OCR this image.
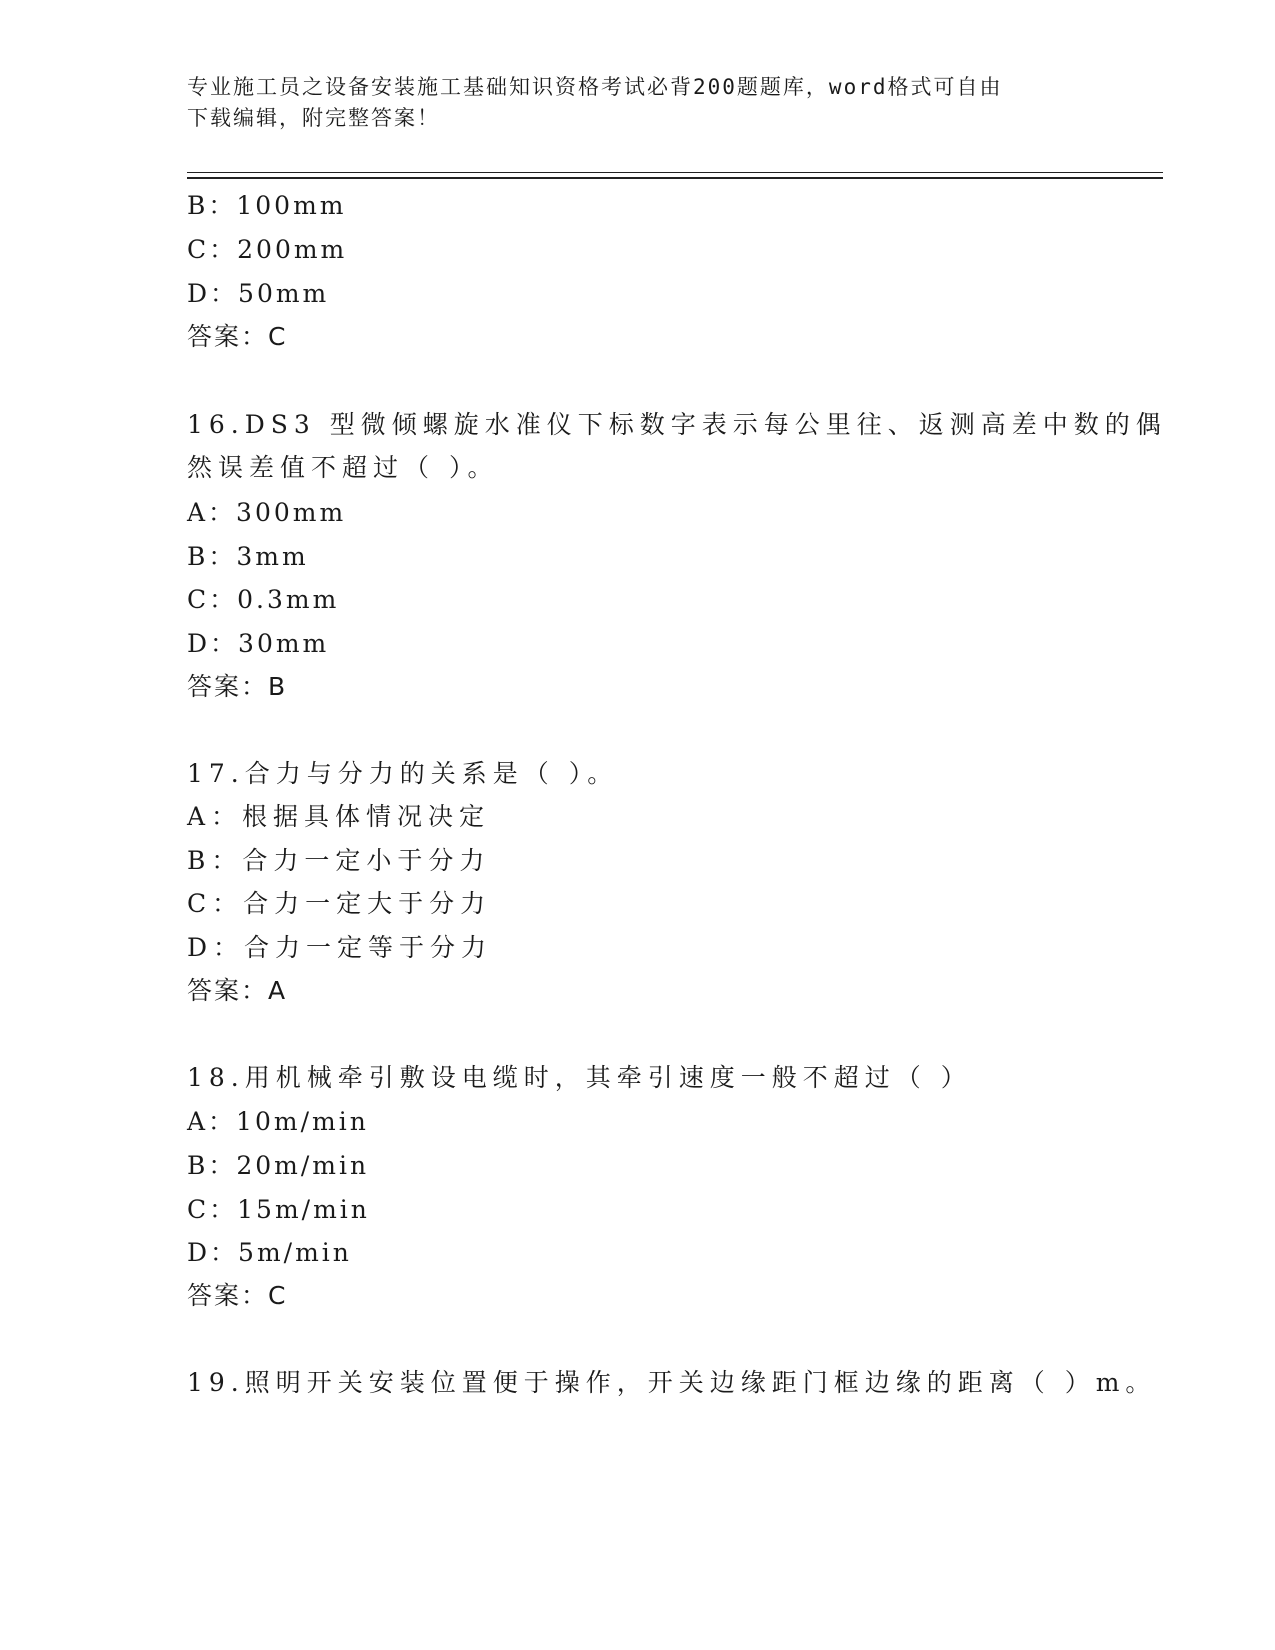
专业施工员之设备安装施工基础知识资格考试必背200题题库，word格式可自由
下载编辑，附完整答案！
B：100mm
C：200mm
D：50mm
答案：C
16.DS3 型微倾螺旋水准仪下标数字表示每公里往、返测高差中数的偶
然误差值不超过（ ）。
A：300mm
B：3mm
C：0.3mm
D：30mm
答案：B
17.合力与分力的关系是（ ）。
A：根据具体情况决定
B：合力一定小于分力
C：合力一定大于分力
D：合力一定等于分力
答案：A
18.用机械牵引敷设电缆时，其牵引速度一般不超过（ ）
A：10m/min
B：20m/min
C：15m/min
D：5m/min
答案：C
19.照明开关安装位置便于操作，开关边缘距门框边缘的距离（ ）m。
